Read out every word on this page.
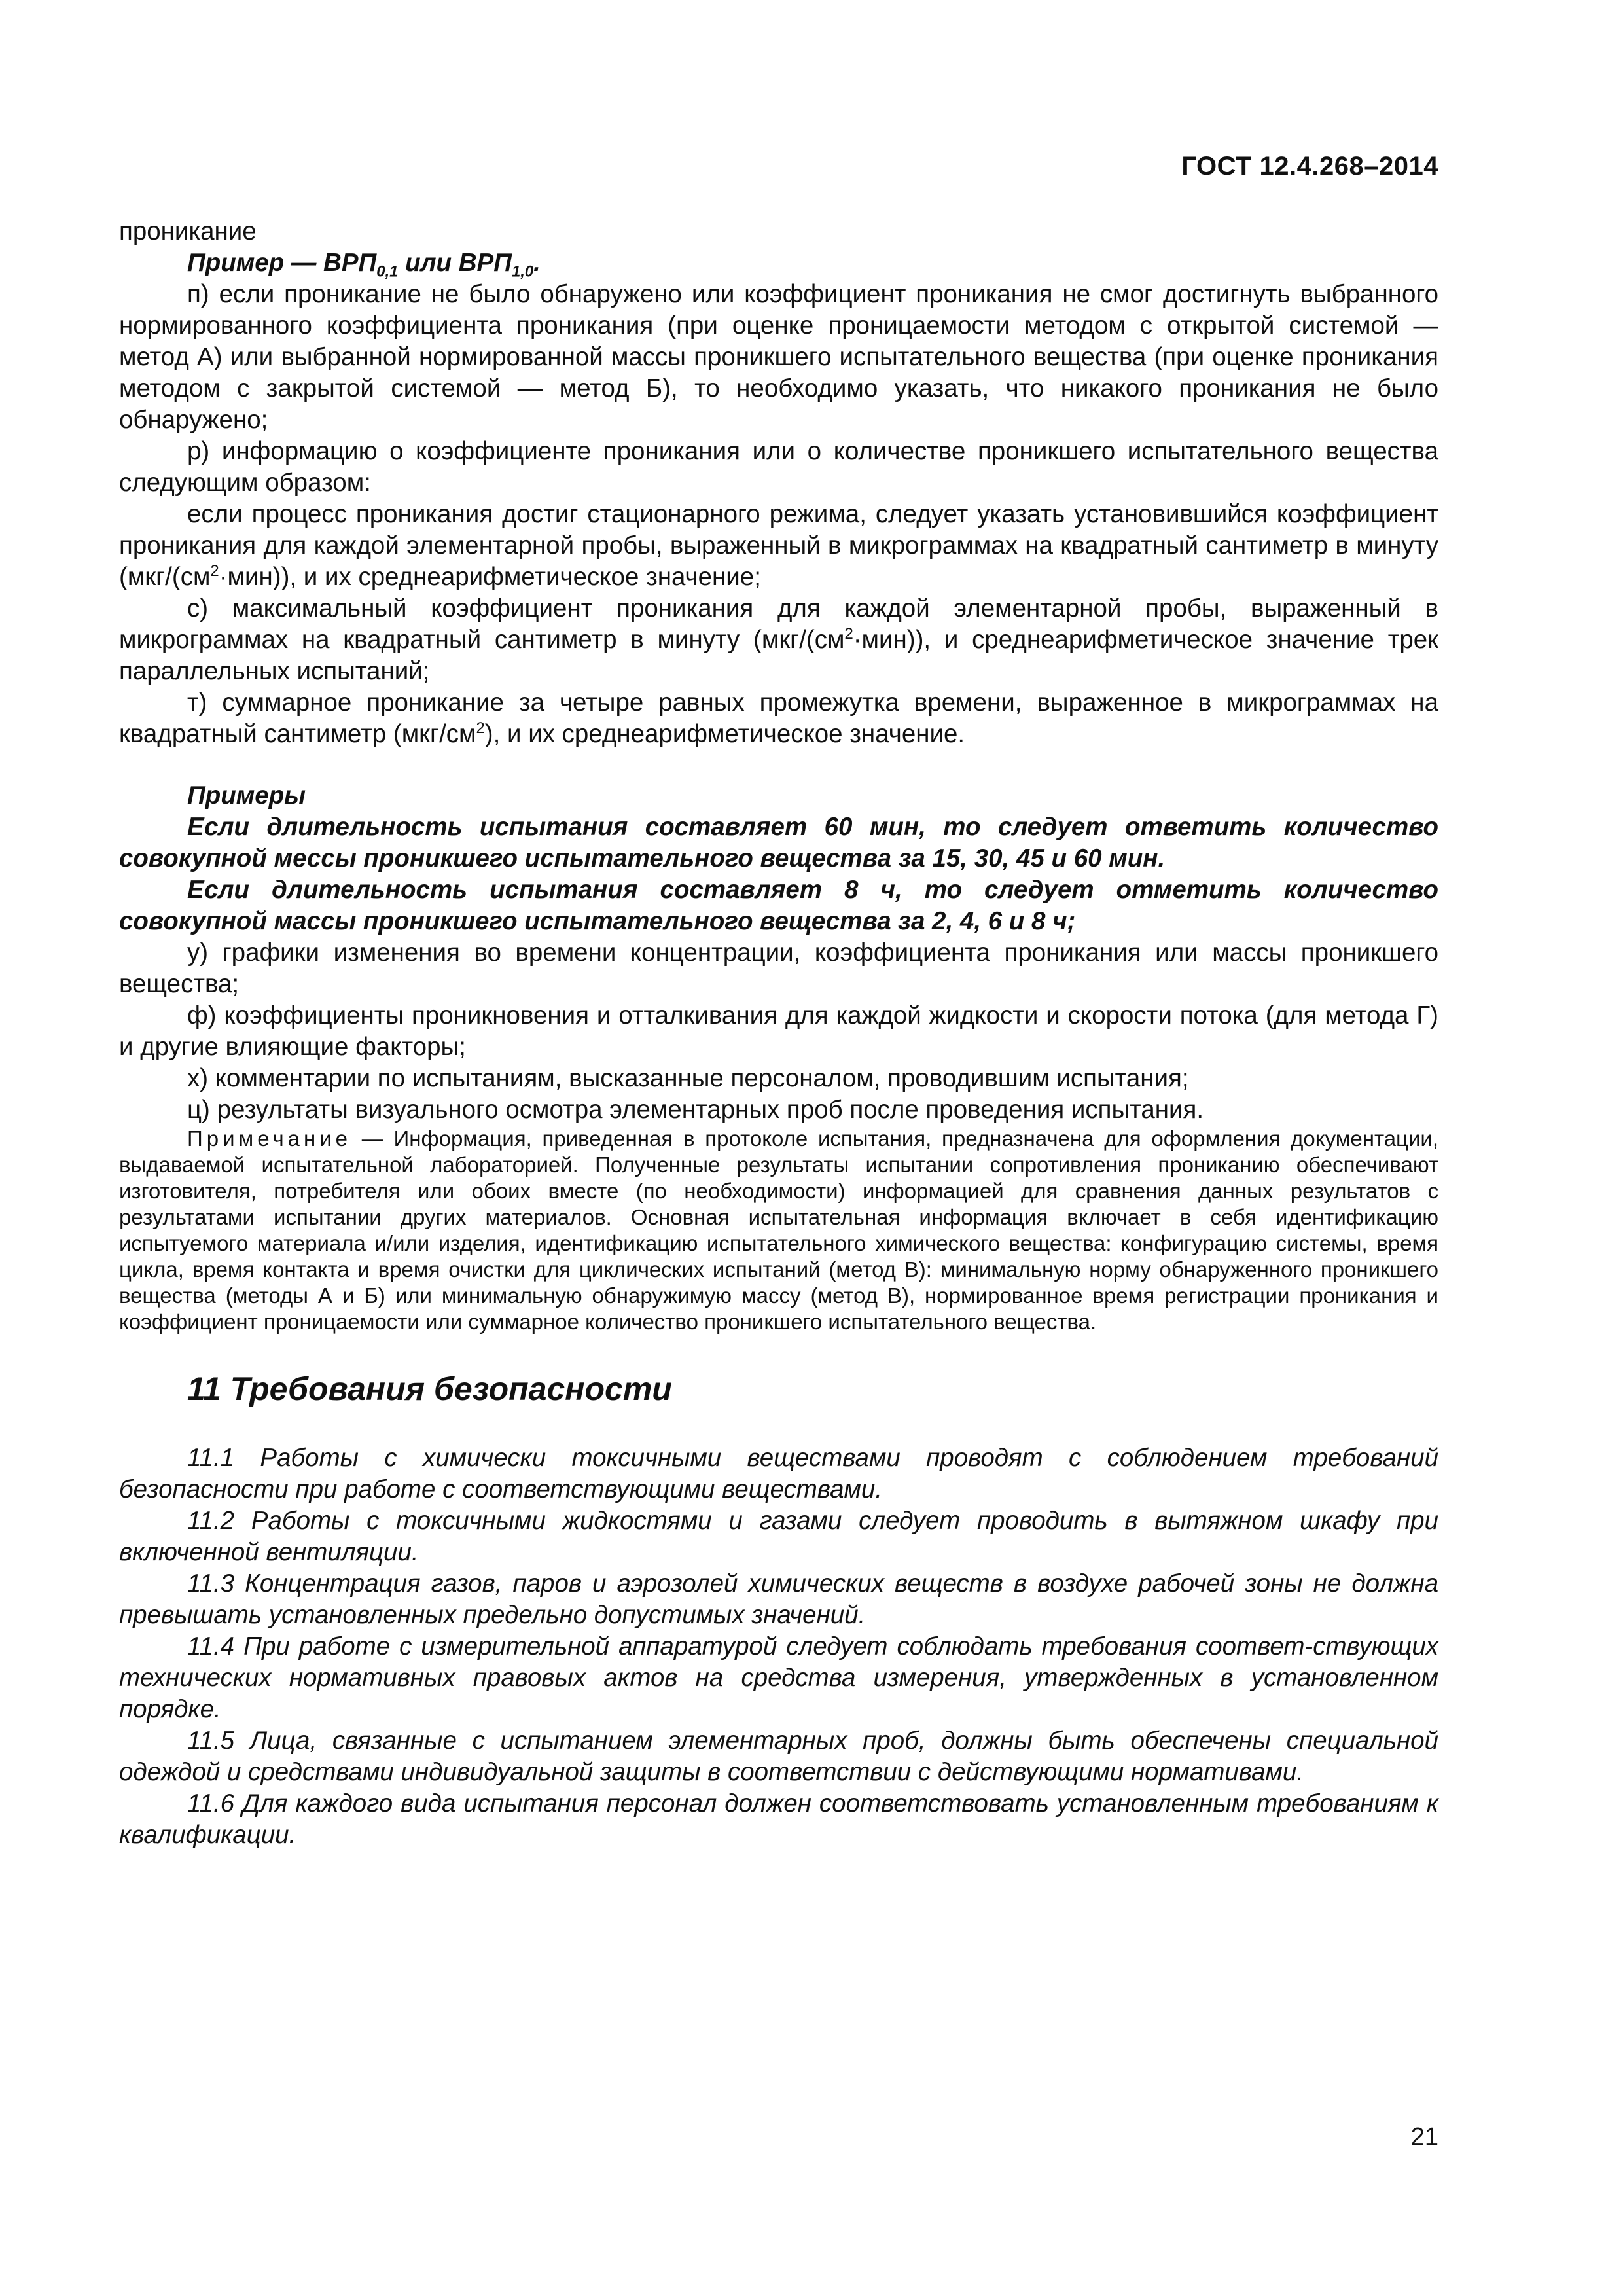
ГОСТ 12.4.268–2014

проникание

Пример — $ВРП_{0,1}$ или $ВРП_{1,0}$.

п) если проникание не было обнаружено или коэффициент проникания не смог достигнуть выбранного нормированного коэффициента проникания (при оценке проницаемости методом с открытой системой — метод А) или выбранной нормированной массы проникшего испытательного вещества (при оценке проникания методом с закрытой системой — метод Б), то необходимо указать, что никакого проникания не было обнаружено;

р) информацию о коэффициенте проникания или о количестве проникшего испытательного вещества следующим образом:

если процесс проникания достиг стационарного режима, следует указать установившийся коэффициент проникания для каждой элементарной пробы, выраженный в микрограммах на квадратный сантиметр в минуту $(мкг/(см^2\cdot мин))$, и их среднеарифметическое значение;

с) максимальный коэффициент проникания для каждой элементарной пробы, выраженный в микрограммах на квадратный сантиметр в минуту $(мкг/(см^2\cdot мин))$, и среднеарифметическое значение трек параллельных испытаний;

т) суммарное проникание за четыре равных промежутка времени, выраженное в микрограммах на квадратный сантиметр $(мкг/см^2)$, и их среднеарифметическое значение.

Примеры

Если длительность испытания составляет 60 мин, то следует ответить количество совокупной мессы проникшего испытательного вещества за 15, 30, 45 и 60 мин.

Если длительность испытания составляет 8 ч, то следует отметить количество совокупной массы проникшего испытательного вещества за 2, 4, 6 и 8 ч;

у) графики изменения во времени концентрации, коэффициента проникания или массы проникшего вещества;

ф) коэффициенты проникновения и отталкивания для каждой жидкости и скорости потока (для метода Г) и другие влияющие факторы;

х) комментарии по испытаниям, высказанные персоналом, проводившим испытания;

ц) результаты визуального осмотра элементарных проб после проведения испытания.

Примечание — Информация, приведенная в протоколе испытания, предназначена для оформления документации, выдаваемой испытательной лабораторией. Полученные результаты испытании сопротивления прониканию обеспечивают изготовителя, потребителя или обоих вместе (по необходимости) информацией для сравнения данных результатов с результатами испытании других материалов. Основная испытательная информация включает в себя идентификацию испытуемого материала и/или изделия, идентификацию испытательного химического вещества: конфигурацию системы, время цикла, время контакта и время очистки для циклических испытаний (метод В): минимальную норму обнаруженного проникшего вещества (методы А и Б) или минимальную обнаружимую массу (метод В), нормированное время регистрации проникания и коэффициент проницаемости или суммарное количество проникшего испытательного вещества.

11 Требования безопасности

11.1 Работы с химически токсичными веществами проводят с соблюдением требований безопасности при работе с соответствующими веществами.

11.2 Работы с токсичными жидкостями и газами следует проводить в вытяжном шкафу при включенной вентиляции.

11.3 Концентрация газов, паров и аэрозолей химических веществ в воздухе рабочей зоны не должна превышать установленных предельно допустимых значений.

11.4 При работе с измерительной аппаратурой следует соблюдать требования соответ-ствующих технических нормативных правовых актов на средства измерения, утвержденных в установленном порядке.

11.5 Лица, связанные с испытанием элементарных проб, должны быть обеспечены специальной одеждой и средствами индивидуальной защиты в соответствии с действующими нормативами.

11.6 Для каждого вида испытания персонал должен соответствовать установленным требованиям к квалификации.

21
